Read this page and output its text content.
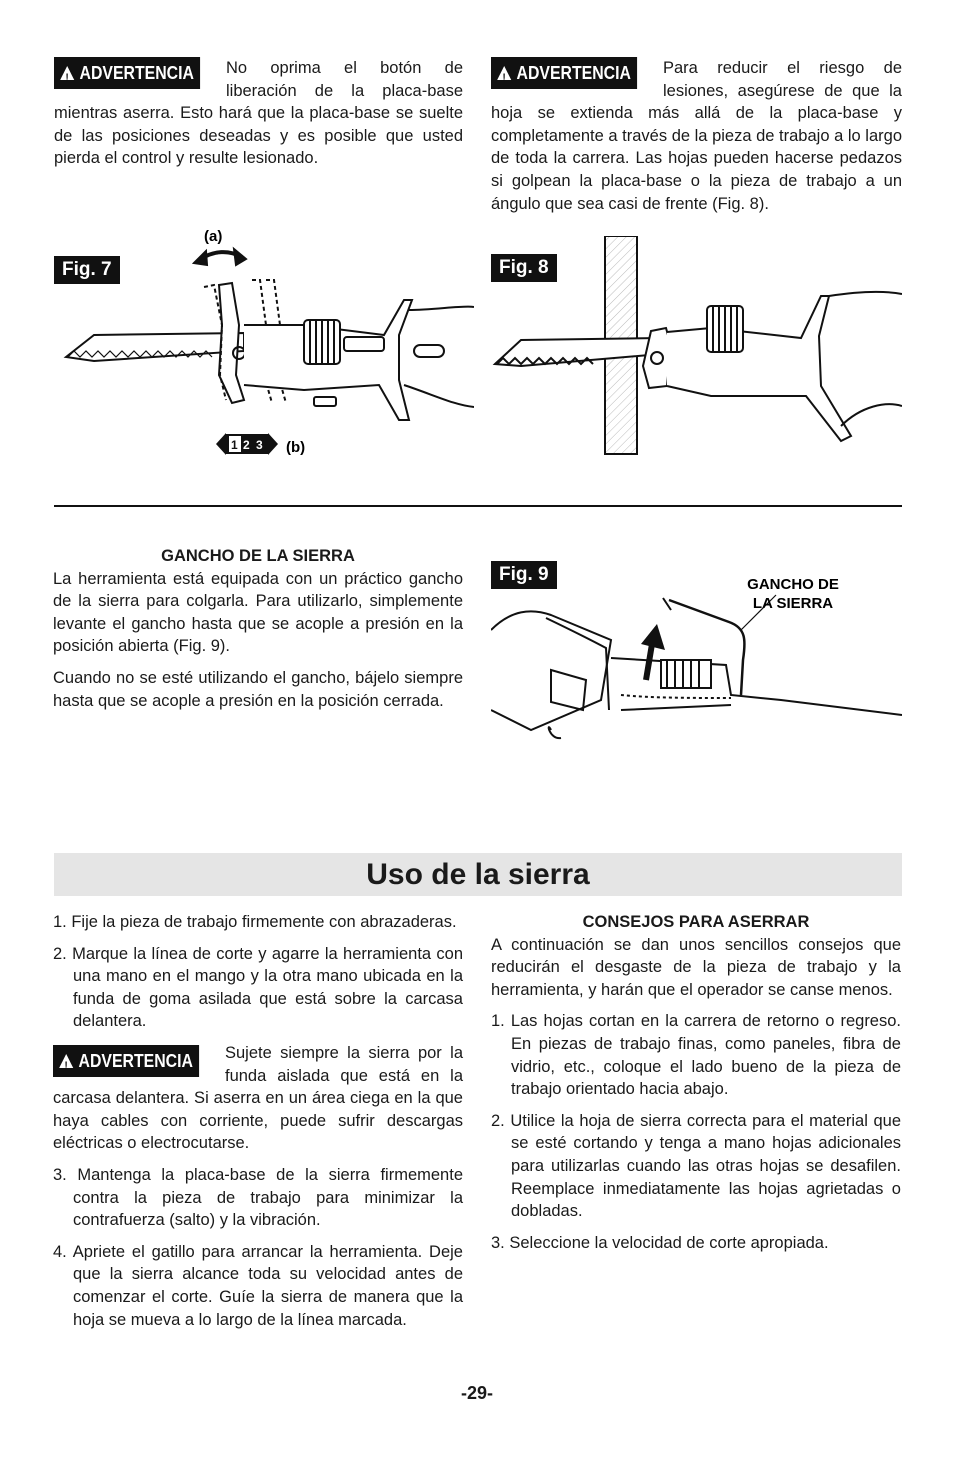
!
ADVERTENCIA No oprima el botón de liberación de la placa-base mientras aserra. Esto hará que la placa-base se suelte de las posiciones deseadas y es posible que usted pierda el control y resulte lesionado.
!
ADVERTENCIA Para reducir el riesgo de lesiones, asegúrese de que la hoja se extienda más allá de la placa-base y completamente a través de la pieza de trabajo a lo largo de toda la carrera. Las hojas pueden hacerse pedazos si golpean la placa-base o la pieza de trabajo a un ángulo que sea casi de frente (Fig. 8).
Fig. 7
(a)
(b)
1 2 3
Fig. 8

GANCHO DE LA SIERRA

La herramienta está equipada con un práctico gancho de la sierra para colgarla. Para utilizarlo, simplemente levante el gancho hasta que se acople a presión en la posición abierta (Fig. 9).

Cuando no se esté utilizando el gancho, bájelo siempre hasta que se acople a presión en la posición cerrada.

Fig. 9	GANCHO DE
LA SIERRA
Uso de la sierra
1. Fije la pieza de trabajo firmemente con abrazaderas.
2. Marque la línea de corte y agarre la herramienta con una mano en el mango y la otra mano ubicada en la funda de goma asilada que está sobre la carcasa delantera.
!
ADVERTENCIA Sujete siempre la sierra por la funda aislada que está en la carcasa delantera. Si aserra en un área ciega en la que haya cables con corriente, puede sufrir descargas eléctricas o electrocutarse.
3. Mantenga la placa-base de la sierra firmemente contra la pieza de trabajo para minimizar la contrafuerza (salto) y la vibración.
4. Apriete el gatillo para arrancar la herramienta. Deje que la sierra alcance toda su velocidad antes de comenzar el corte. Guíe la sierra de manera que la hoja se mueva a lo largo de la línea marcada.

CONSEJOS PARA ASERRAR

A continuación se dan unos sencillos consejos que reducirán el desgaste de la pieza de trabajo y la herramienta, y harán que el operador se canse menos.

1. Las hojas cortan en la carrera de retorno o regreso. En piezas de trabajo finas, como paneles, fibra de vidrio, etc., coloque el lado bueno de la pieza de trabajo orientado hacia abajo.
2. Utilice la hoja de sierra correcta para el material que se esté cortando y tenga a mano hojas adicionales para utilizarlas cuando las otras hojas se desafilen. Reemplace inmediatamente las hojas agrietadas o dobladas.
3. Seleccione la velocidad de corte apropiada.
-29-
